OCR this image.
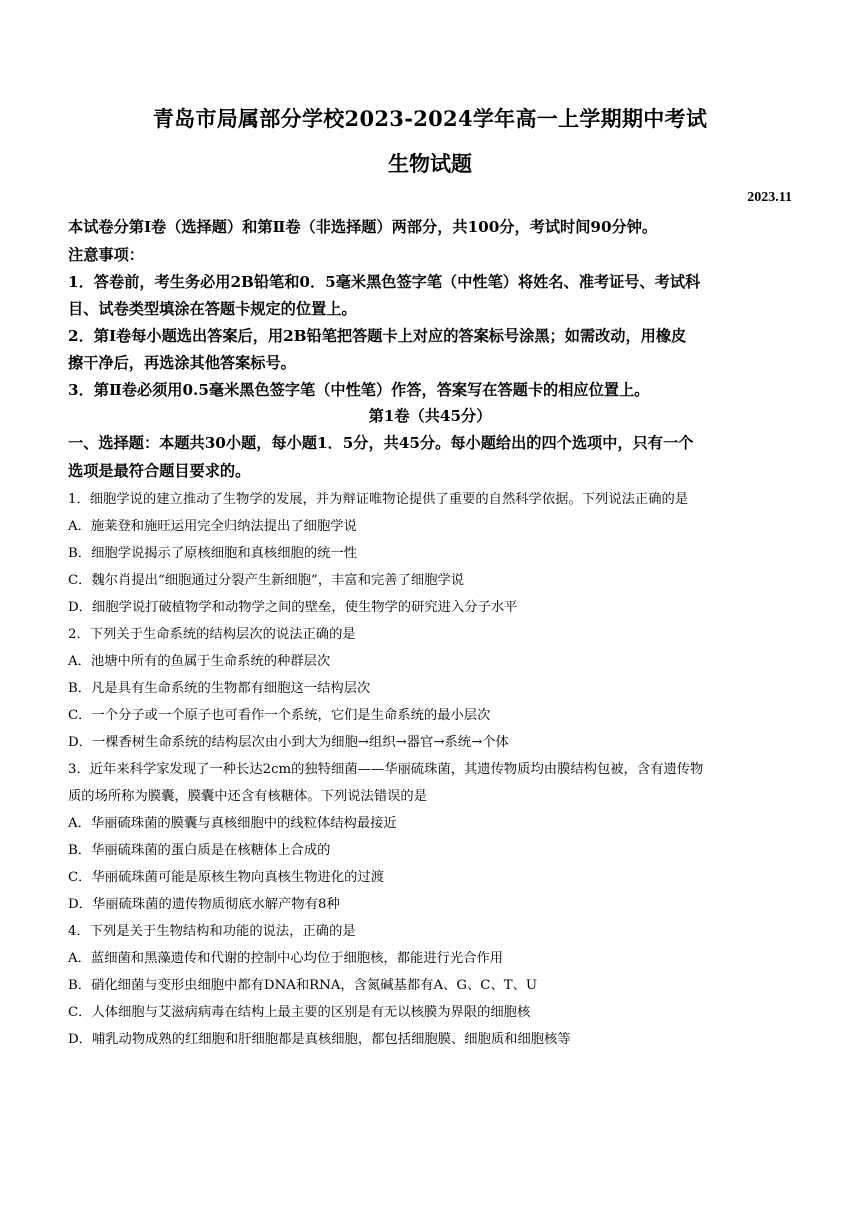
青岛市局属部分学校2023-2024学年高一上学期期中考试
生物试题
2023.11
本试卷分第Ⅰ卷（选择题）和第Ⅱ卷（非选择题）两部分，共100分，考试时间90分钟。
注意事项：
1．答卷前，考生务必用2B铅笔和0．5毫米黑色签字笔（中性笔）将姓名、准考证号、考试科
目、试卷类型填涂在答题卡规定的位置上。
2．第Ⅰ卷每小题选出答案后，用2B铅笔把答题卡上对应的答案标号涂黑；如需改动，用橡皮
擦干净后，再选涂其他答案标号。
3．第Ⅱ卷必须用0.5毫米黑色签字笔（中性笔）作答，答案写在答题卡的相应位置上。
第1卷（共45分）
一、选择题：本题共30小题，每小题1．5分，共45分。每小题给出的四个选项中，只有一个
选项是最符合题目要求的。
1．细胞学说的建立推动了生物学的发展，并为辩证唯物论提供了重要的自然科学依据。下列说法正确的是
A．施莱登和施旺运用完全归纳法提出了细胞学说
B．细胞学说揭示了原核细胞和真核细胞的统一性
C．魏尔肖提出“细胞通过分裂产生新细胞”，丰富和完善了细胞学说
D．细胞学说打破植物学和动物学之间的壁垒，使生物学的研究进入分子水平
2．下列关于生命系统的结构层次的说法正确的是
A．池塘中所有的鱼属于生命系统的种群层次
B．凡是具有生命系统的生物都有细胞这一结构层次
C．一个分子或一个原子也可看作一个系统，它们是生命系统的最小层次
D．一棵香树生命系统的结构层次由小到大为细胞→组织→器官→系统→个体
3．近年来科学家发现了一种长达2cm的独特细菌——华丽硫珠菌，其遗传物质均由膜结构包被，含有遗传物
质的场所称为膜囊，膜囊中还含有核糖体。下列说法错误的是
A．华丽硫珠菌的膜囊与真核细胞中的线粒体结构最接近
B．华丽硫珠菌的蛋白质是在核糖体上合成的
C．华丽硫珠菌可能是原核生物向真核生物进化的过渡
D．华丽硫珠菌的遗传物质彻底水解产物有8种
4．下列是关于生物结构和功能的说法，正确的是
A．蓝细菌和黑藻遗传和代谢的控制中心均位于细胞核，都能进行光合作用
B．硝化细菌与变形虫细胞中都有DNA和RNA，含氮碱基都有A、G、C、T、U
C．人体细胞与艾滋病病毒在结构上最主要的区别是有无以核膜为界限的细胞核
D．哺乳动物成熟的红细胞和肝细胞都是真核细胞，都包括细胞膜、细胞质和细胞核等
